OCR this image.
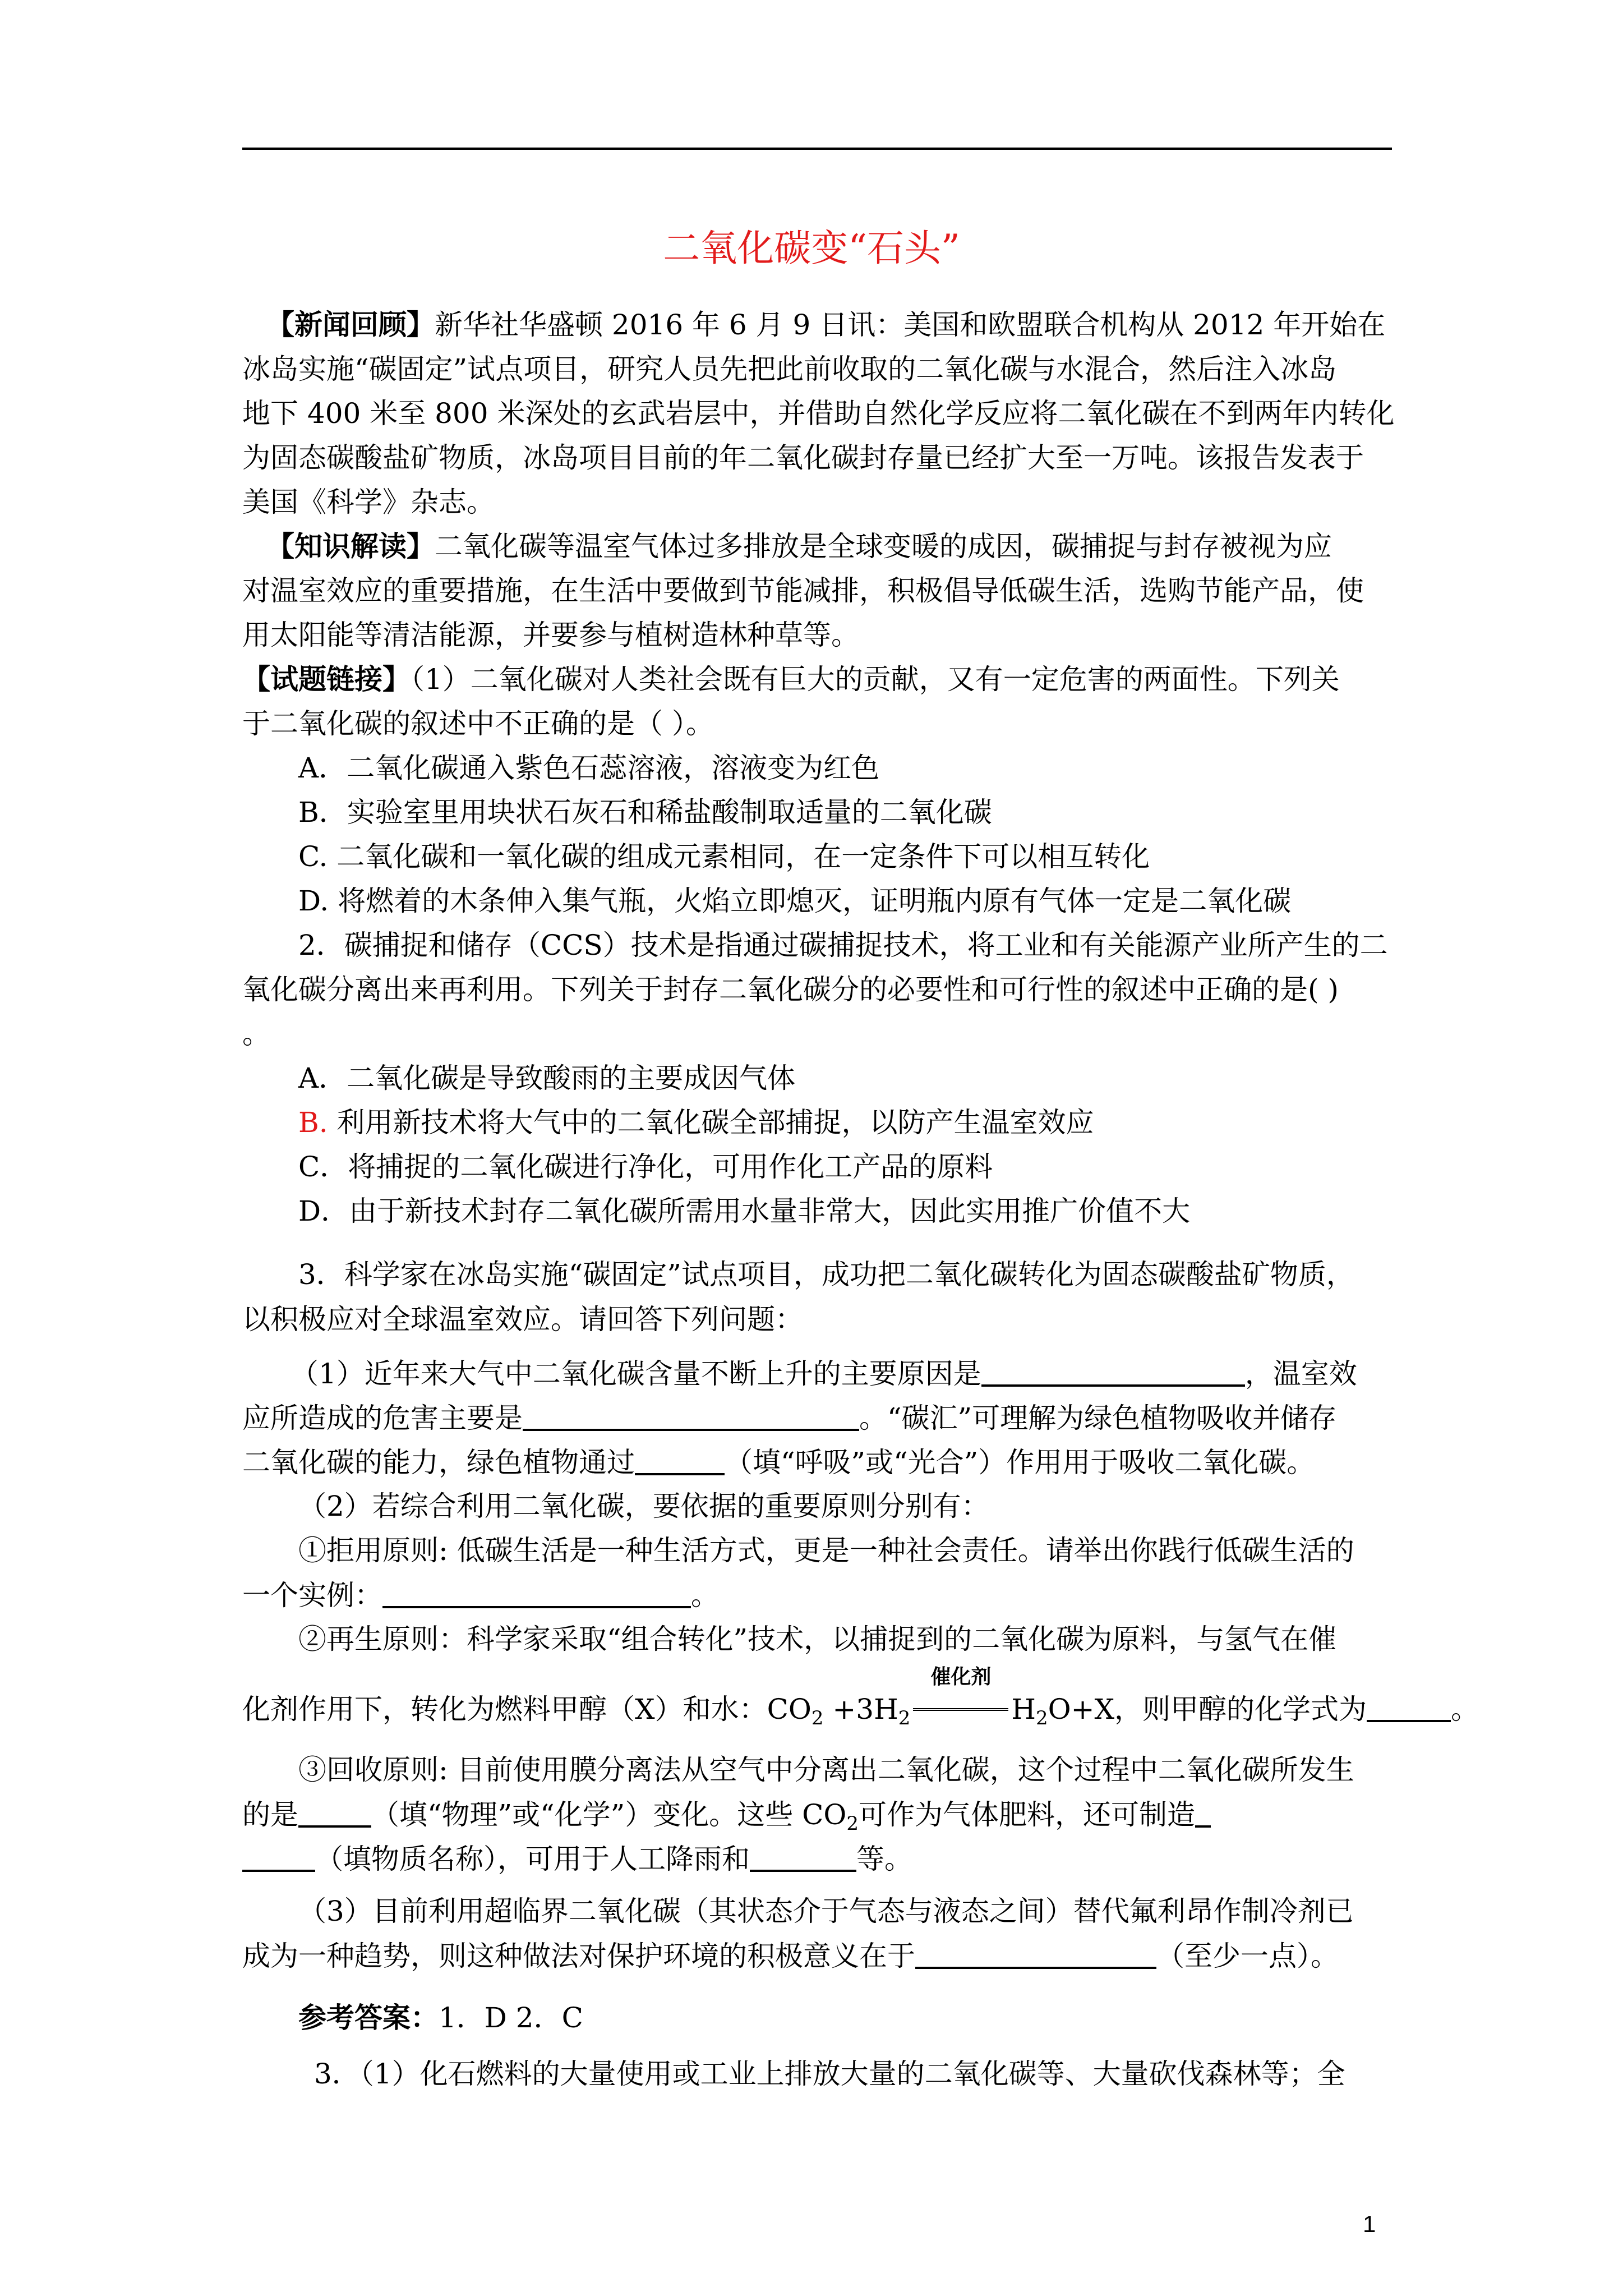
二氧化碳变“石头”
【新闻回顾】新华社华盛顿 2016 年 6 月 9 日讯：美国和欧盟联合机构从 2012 年开始在
冰岛实施“碳固定”试点项目，研究人员先把此前收取的二氧化碳与水混合，然后注入冰岛
地下 400 米至 800 米深处的玄武岩层中，并借助自然化学反应将二氧化碳在不到两年内转化
为固态碳酸盐矿物质，冰岛项目目前的年二氧化碳封存量已经扩大至一万吨。该报告发表于
美国《科学》杂志。
【知识解读】二氧化碳等温室气体过多排放是全球变暖的成因，碳捕捉与封存被视为应
对温室效应的重要措施，在生活中要做到节能减排，积极倡导低碳生活，选购节能产品，使
用太阳能等清洁能源，并要参与植树造林种草等。
【试题链接】（1）二氧化碳对人类社会既有巨大的贡献，又有一定危害的两面性。下列关
于二氧化碳的叙述中不正确的是（ ）。
A．二氧化碳通入紫色石蕊溶液，溶液变为红色
B．实验室里用块状石灰石和稀盐酸制取适量的二氧化碳
C. 二氧化碳和一氧化碳的组成元素相同，在一定条件下可以相互转化
D. 将燃着的木条伸入集气瓶，火焰立即熄灭，证明瓶内原有气体一定是二氧化碳
2．碳捕捉和储存（CCS）技术是指通过碳捕捉技术，将工业和有关能源产业所产生的二
氧化碳分离出来再利用。下列关于封存二氧化碳分的必要性和可行性的叙述中正确的是( )
。
A．二氧化碳是导致酸雨的主要成因气体
B. 利用新技术将大气中的二氧化碳全部捕捉，以防产生温室效应
C．将捕捉的二氧化碳进行净化，可用作化工产品的原料
D．由于新技术封存二氧化碳所需用水量非常大，因此实用推广价值不大
3．科学家在冰岛实施“碳固定”试点项目，成功把二氧化碳转化为固态碳酸盐矿物质，
以积极应对全球温室效应。请回答下列问题：
（1）近年来大气中二氧化碳含量不断上升的主要原因是	，温室效
应所造成的危害主要是	。“碳汇”可理解为绿色植物吸收并储存
二氧化碳的能力，绿色植物通过	（填“呼吸”或“光合”）作用用于吸收二氧化碳。
（2）若综合利用二氧化碳，要依据的重要原则分别有：
①拒用原则: 低碳生活是一种生活方式，更是一种社会责任。请举出你践行低碳生活的
一个实例：	。
②再生原则：科学家采取“组合转化”技术，以捕捉到的二氧化碳为原料，与氢气在催
化剂作用下，转化为燃料甲醇（X）和水：$CO_2 +3H_2$
催化剂
$H_2O+X$，则甲醇的化学式为	。
③回收原则: 目前使用膜分离法从空气中分离出二氧化碳，这个过程中二氧化碳所发生
的是	（填“物理”或“化学”）变化。这些 $CO_2$可作为气体肥料，还可制造
（填物质名称），可用于人工降雨和	等。
（3）目前利用超临界二氧化碳（其状态介于气态与液态之间）替代氟利昂作制冷剂已
成为一种趋势，则这种做法对保护环境的积极意义在于	（至少一点）。
参考答案：1．D 2．C
3．（1）化石燃料的大量使用或工业上排放大量的二氧化碳等、大量砍伐森林等；全
1
